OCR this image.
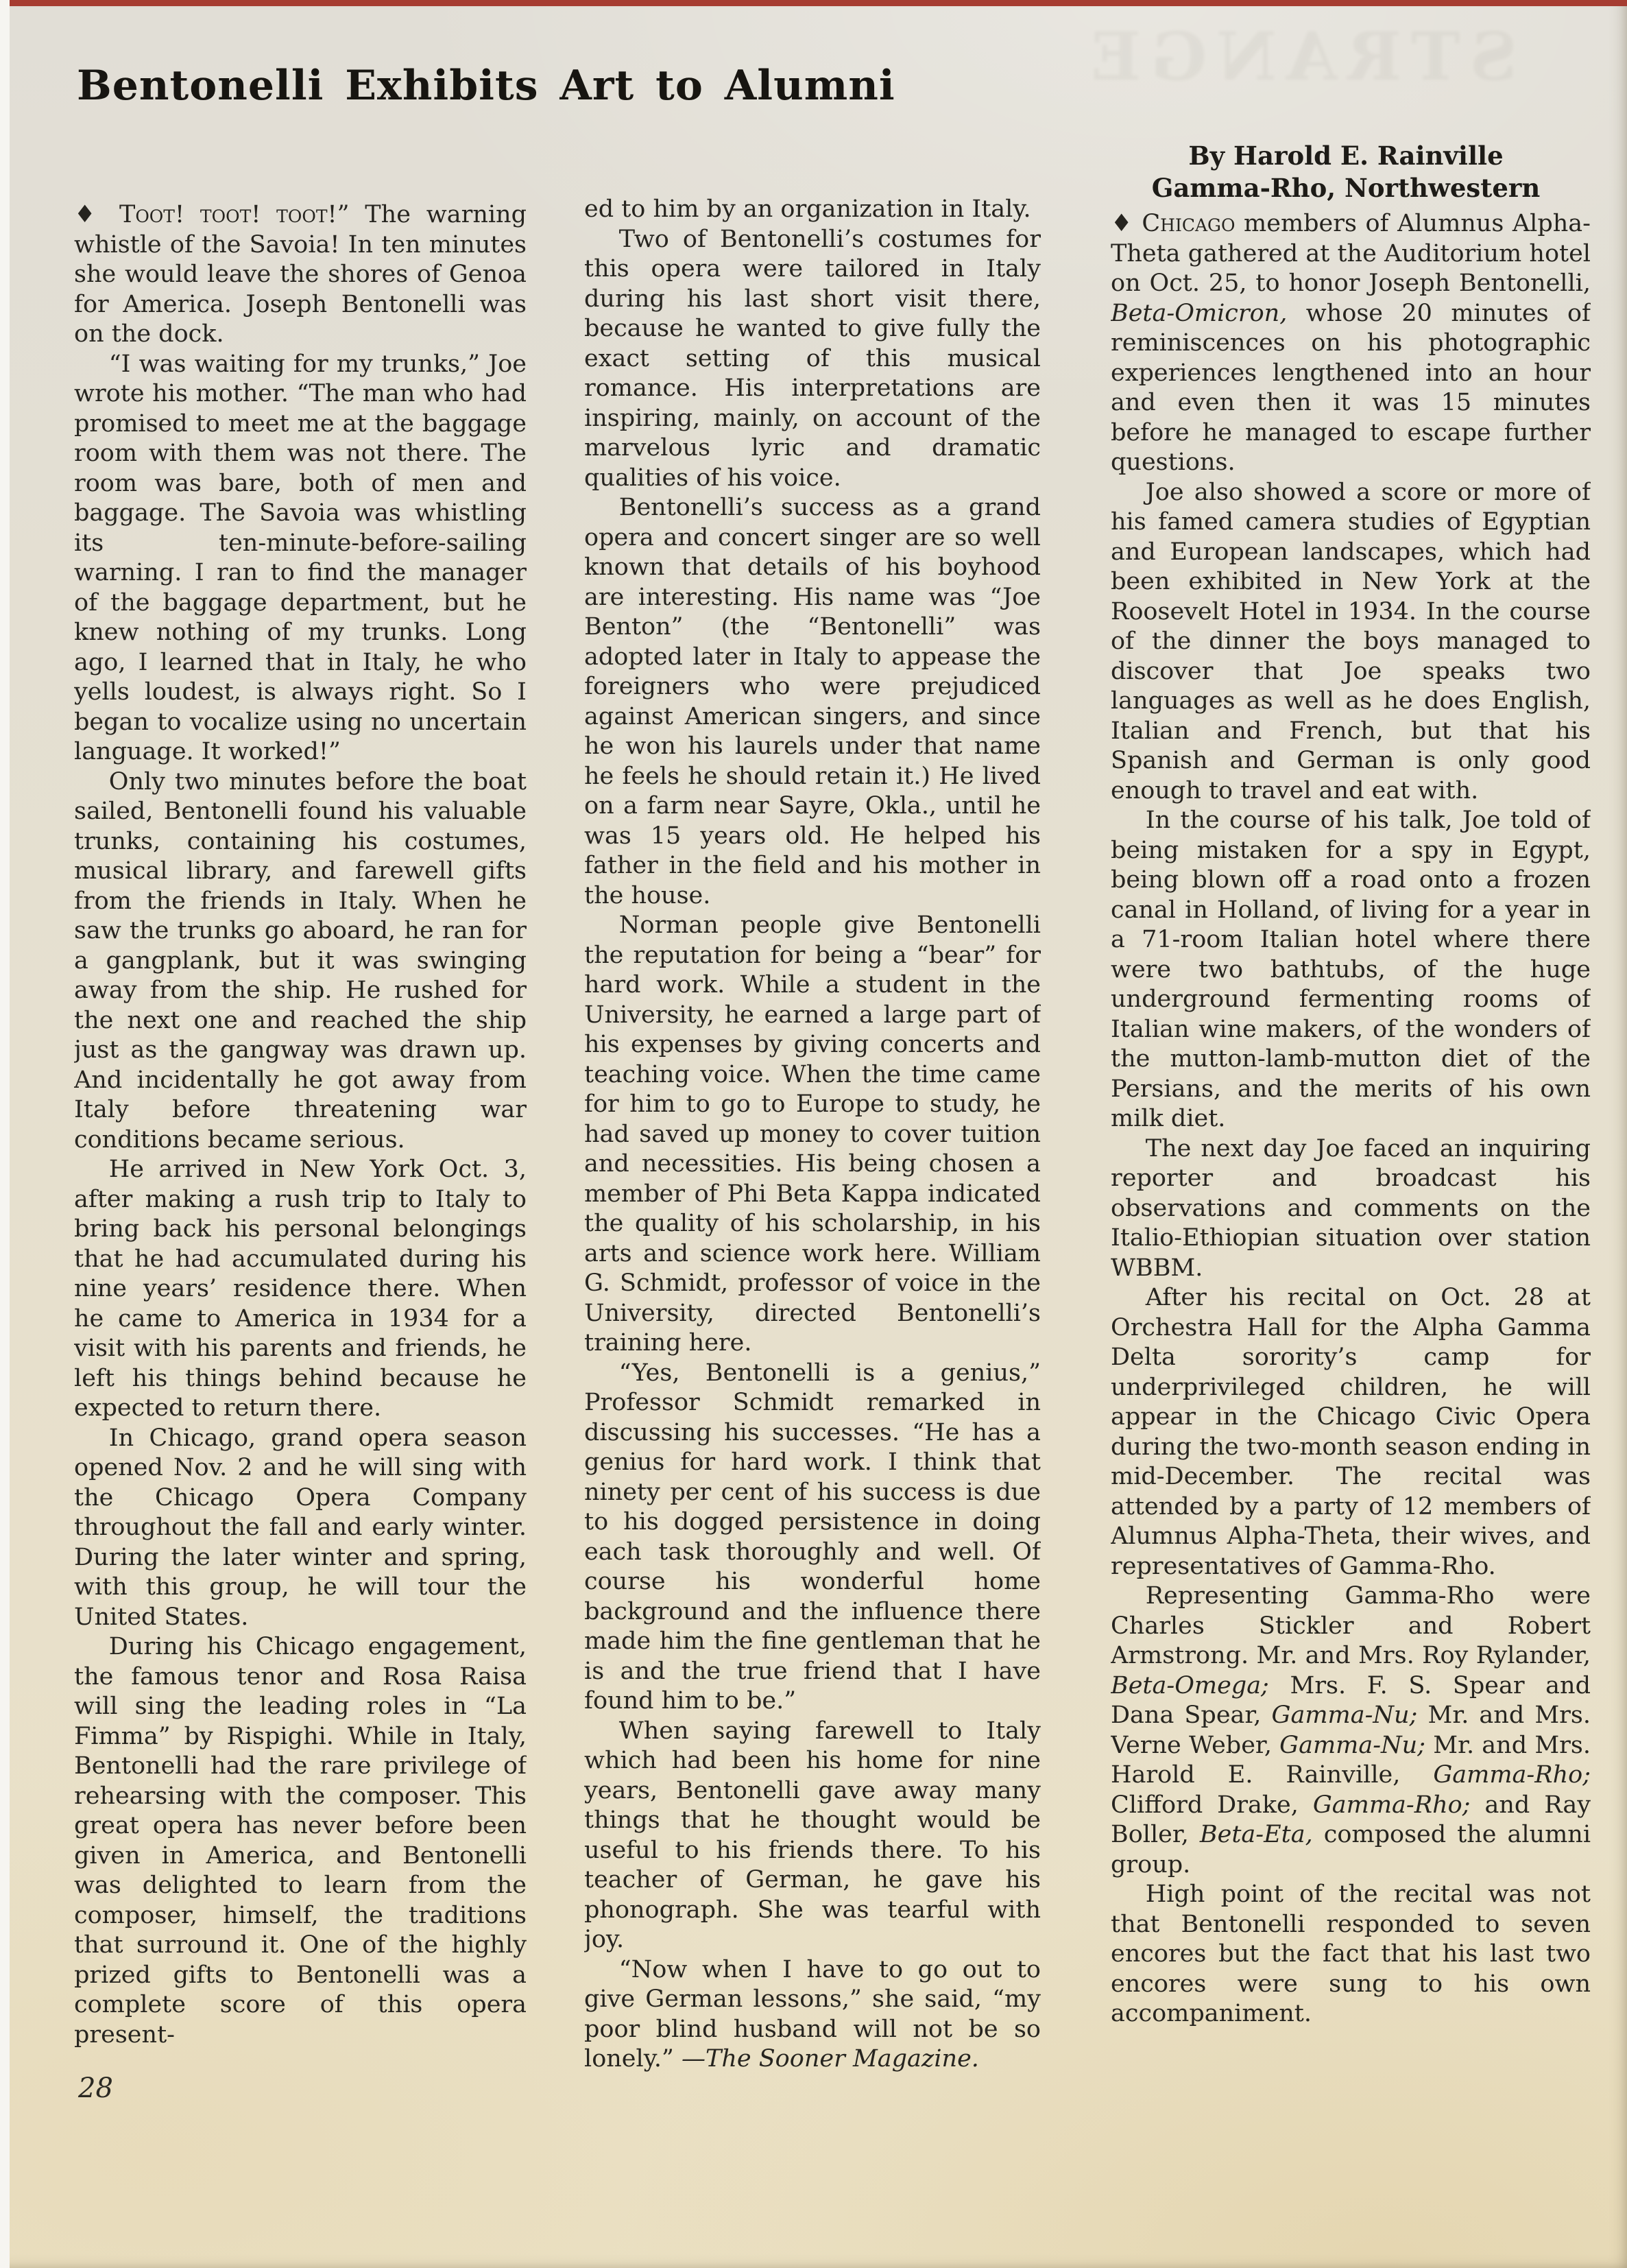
STRANGE
Bentonelli Exhibits Art to Alumni
By Harold E. Rainville
Gamma-Rho, Northwestern

♦ Toot! toot! toot!” The warning whistle of the Savoia! In ten minutes she would leave the shores of Genoa for America. Joseph Bentonelli was on the dock.

“I was waiting for my trunks,” Joe wrote his mother. “The man who had promised to meet me at the baggage room with them was not there. The room was bare, both of men and baggage. The Savoia was whistling its ten-minute-before-sailing warning. I ran to find the manager of the baggage department, but he knew nothing of my trunks. Long ago, I learned that in Italy, he who yells loudest, is always right. So I began to vocalize using no uncertain language. It worked!”

Only two minutes before the boat sailed, Bentonelli found his valuable trunks, containing his costumes, musical library, and farewell gifts from the friends in Italy. When he saw the trunks go aboard, he ran for a gangplank, but it was swinging away from the ship. He rushed for the next one and reached the ship just as the gangway was drawn up. And incidentally he got away from Italy before threatening war conditions became serious.

He arrived in New York Oct. 3, after making a rush trip to Italy to bring back his personal belongings that he had accumulated during his nine years’ residence there. When he came to America in 1934 for a visit with his parents and friends, he left his things behind because he expected to return there.

In Chicago, grand opera season opened Nov. 2 and he will sing with the Chicago Opera Company throughout the fall and early winter. During the later winter and spring, with this group, he will tour the United States.

During his Chicago engagement, the famous tenor and Rosa Raisa will sing the leading roles in “La Fimma” by Rispighi. While in Italy, Bentonelli had the rare privilege of rehearsing with the composer. This great opera has never before been given in America, and Bentonelli was delighted to learn from the composer, himself, the traditions that surround it. One of the highly prized gifts to Bentonelli was a complete score of this opera present-

ed to him by an organization in Italy.

Two of Bentonelli’s costumes for this opera were tailored in Italy during his last short visit there, because he wanted to give fully the exact setting of this musical romance. His interpretations are inspiring, mainly, on account of the marvelous lyric and dramatic qualities of his voice.

Bentonelli’s success as a grand opera and concert singer are so well known that details of his boyhood are interesting. His name was “Joe Benton” (the “Bentonelli” was adopted later in Italy to appease the foreigners who were prejudiced against American singers, and since he won his laurels under that name he feels he should retain it.) He lived on a farm near Sayre, Okla., until he was 15 years old. He helped his father in the field and his mother in the house.

Norman people give Bentonelli the reputation for being a “bear” for hard work. While a student in the University, he earned a large part of his expenses by giving concerts and teaching voice. When the time came for him to go to Europe to study, he had saved up money to cover tuition and necessities. His being chosen a member of Phi Beta Kappa indicated the quality of his scholarship, in his arts and science work here. William G. Schmidt, professor of voice in the University, directed Bentonelli’s training here.

“Yes, Bentonelli is a genius,” Professor Schmidt remarked in discussing his successes. “He has a genius for hard work. I think that ninety per cent of his success is due to his dogged persistence in doing each task thoroughly and well. Of course his wonderful home background and the influence there made him the fine gentleman that he is and the true friend that I have found him to be.”

When saying farewell to Italy which had been his home for nine years, Bentonelli gave away many things that he thought would be useful to his friends there. To his teacher of German, he gave his phonograph. She was tearful with joy.

“Now when I have to go out to give German lessons,” she said, “my poor blind husband will not be so lonely.” —The Sooner Magazine.

♦ Chicago members of Alumnus Alpha-Theta gathered at the Auditorium hotel on Oct. 25, to honor Joseph Bentonelli, Beta-Omicron, whose 20 minutes of reminiscences on his photographic experiences lengthened into an hour and even then it was 15 minutes before he managed to escape further questions.

Joe also showed a score or more of his famed camera studies of Egyptian and European landscapes, which had been exhibited in New York at the Roosevelt Hotel in 1934. In the course of the dinner the boys managed to discover that Joe speaks two languages as well as he does English, Italian and French, but that his Spanish and German is only good enough to travel and eat with.

In the course of his talk, Joe told of being mistaken for a spy in Egypt, being blown off a road onto a frozen canal in Holland, of living for a year in a 71-room Italian hotel where there were two bathtubs, of the huge underground fermenting rooms of Italian wine makers, of the wonders of the mutton-lamb-mutton diet of the Persians, and the merits of his own milk diet.

The next day Joe faced an inquiring reporter and broadcast his observations and comments on the Italio-Ethiopian situation over station WBBM.

After his recital on Oct. 28 at Orchestra Hall for the Alpha Gamma Delta sorority’s camp for underprivileged children, he will appear in the Chicago Civic Opera during the two-month season ending in mid-December. The recital was attended by a party of 12 members of Alumnus Alpha-Theta, their wives, and representatives of Gamma-Rho.

Representing Gamma-Rho were Charles Stickler and Robert Armstrong. Mr. and Mrs. Roy Rylander, Beta-Omega; Mrs. F. S. Spear and Dana Spear, Gamma-Nu; Mr. and Mrs. Verne Weber, Gamma-Nu; Mr. and Mrs. Harold E. Rainville, Gamma-Rho; Clifford Drake, Gamma-Rho; and Ray Boller, Beta-Eta, composed the alumni group.

High point of the recital was not that Bentonelli responded to seven encores but the fact that his last two encores were sung to his own accompaniment.

28
